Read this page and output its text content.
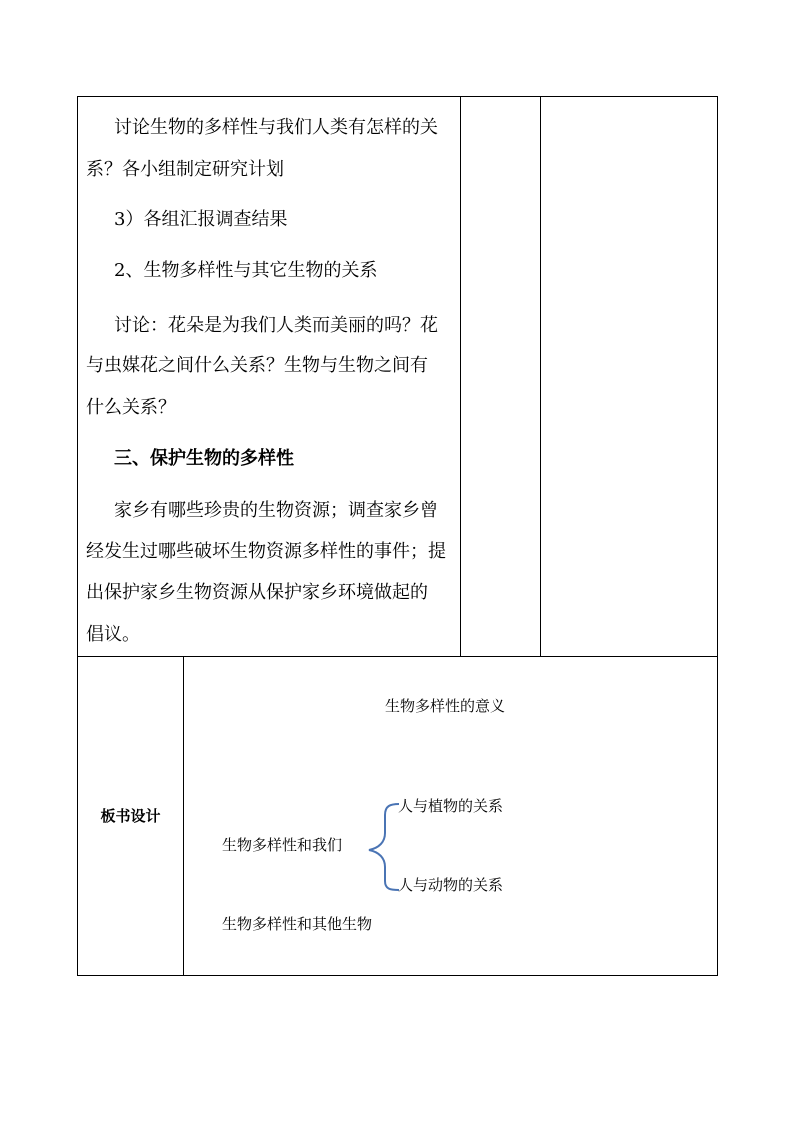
讨论生物的多样性与我们人类有怎样的关
系？各小组制定研究计划
3）各组汇报调查结果
2、生物多样性与其它生物的关系
讨论：花朵是为我们人类而美丽的吗？花
与虫媒花之间什么关系？生物与生物之间有
什么关系？
三、保护生物的多样性
家乡有哪些珍贵的生物资源；调查家乡曾
经发生过哪些破坏生物资源多样性的事件；提
出保护家乡生物资源从保护家乡环境做起的
倡议。
板书设计
生物多样性的意义
生物多样性和我们
人与植物的关系
人与动物的关系
生物多样性和其他生物
